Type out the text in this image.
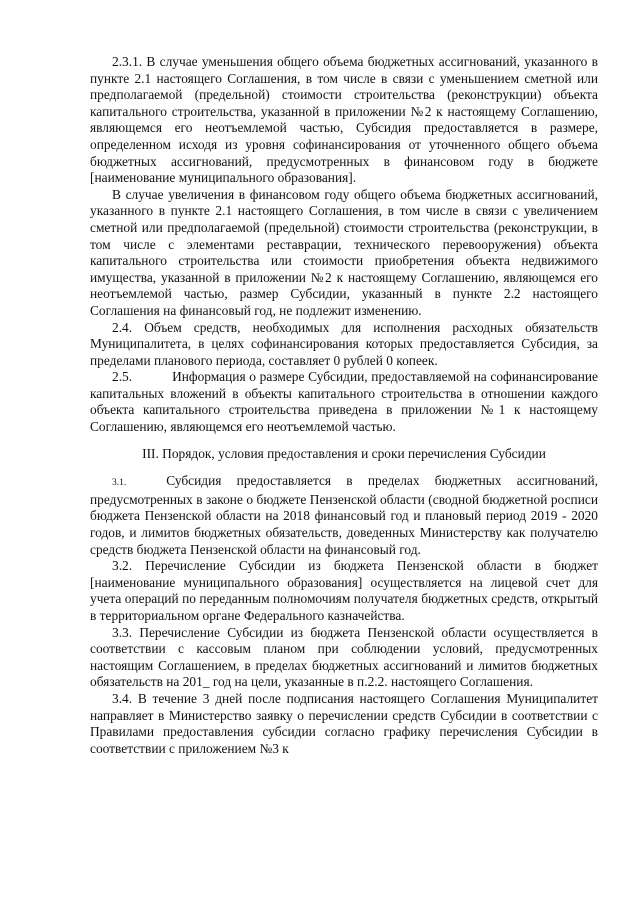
2.3.1. В случае уменьшения общего объема бюджетных ассигнований, указанного в пункте 2.1 настоящего Соглашения, в том числе в связи с уменьшением сметной или предполагаемой (предельной) стоимости строительства (реконструкции) объекта капитального строительства, указанной в приложении №2 к настоящему Соглашению, являющемся его неотъемлемой частью, Субсидия предоставляется в размере, определенном исходя из уровня софинансирования от уточненного общего объема бюджетных ассигнований, предусмотренных в финансовом году в бюджете [наименование муниципального образования].

В случае увеличения в финансовом году общего объема бюджетных ассигнований, указанного в пункте 2.1 настоящего Соглашения, в том числе в связи с увеличением сметной или предполагаемой (предельной) стоимости строительства (реконструкции, в том числе с элементами реставрации, технического перевооружения) объекта капитального строительства или стоимости приобретения объекта недвижимого имущества, указанной в приложении №2 к настоящему Соглашению, являющемся его неотъемлемой частью, размер Субсидии, указанный в пункте 2.2 настоящего Соглашения на финансовый год, не подлежит изменению.

2.4. Объем средств, необходимых для исполнения расходных обязательств Муниципалитета, в целях софинансирования которых предоставляется Субсидия, за пределами планового периода, составляет 0 рублей 0 копеек.

2.5.	Информация о размере Субсидии, предоставляемой на софинансирование капитальных вложений в объекты капитального строительства в отношении каждого объекта капитального строительства приведена в приложении №1 к настоящему Соглашению, являющемся его неотъемлемой частью.

III. Порядок, условия предоставления и сроки перечисления Субсидии

3.1.	Субсидия предоставляется в пределах бюджетных ассигнований, предусмотренных в законе о бюджете Пензенской области (сводной бюджетной росписи бюджета Пензенской области на 2018 финансовый год и плановый период 2019 - 2020 годов, и лимитов бюджетных обязательств, доведенных Министерству как получателю средств бюджета Пензенской области на финансовый год.

3.2. Перечисление Субсидии из бюджета Пензенской области в бюджет [наименование муниципального образования] осуществляется на лицевой счет для учета операций по переданным полномочиям получателя бюджетных средств, открытый в территориальном органе Федерального казначейства.

3.3. Перечисление Субсидии из бюджета Пензенской области осуществляется в соответствии с кассовым планом при соблюдении условий, предусмотренных настоящим Соглашением, в пределах бюджетных ассигнований и лимитов бюджетных обязательств на 201_ год на цели, указанные в п.2.2. настоящего Соглашения.

3.4. В течение 3 дней после подписания настоящего Соглашения Муниципалитет направляет в Министерство заявку о перечислении средств Субсидии в соответствии с Правилами предоставления субсидии согласно графику перечисления Субсидии в соответствии с приложением №3 к
